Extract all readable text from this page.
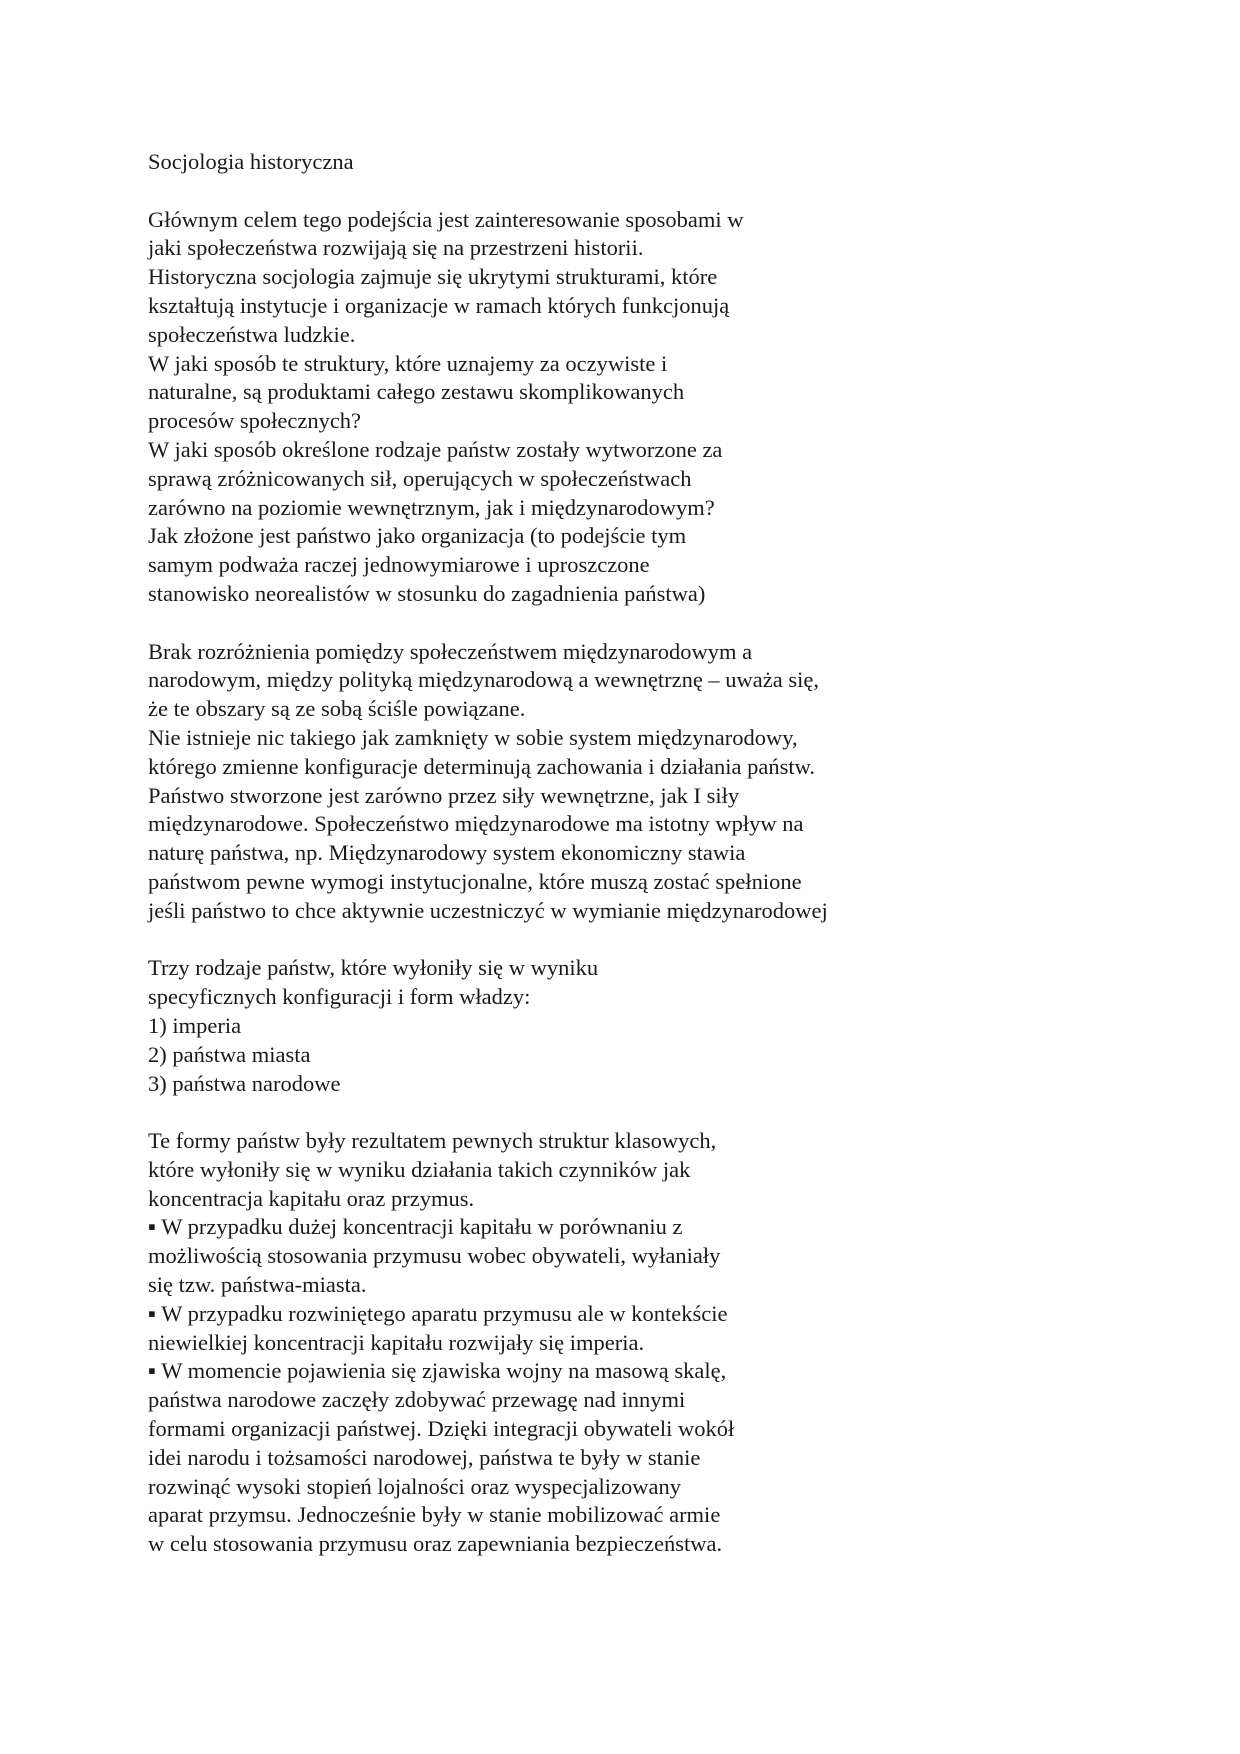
Socjologia historyczna
Głównym celem tego podejścia jest zainteresowanie sposobami w
jaki społeczeństwa rozwijają się na przestrzeni historii.
Historyczna socjologia zajmuje się ukrytymi strukturami, które
kształtują instytucje i organizacje w ramach których funkcjonują
społeczeństwa ludzkie.
W jaki sposób te struktury, które uznajemy za oczywiste i
naturalne, są produktami całego zestawu skomplikowanych
procesów społecznych?
W jaki sposób określone rodzaje państw zostały wytworzone za
sprawą zróżnicowanych sił, operujących w społeczeństwach
zarówno na poziomie wewnętrznym, jak i międzynarodowym?
Jak złożone jest państwo jako organizacja (to podejście tym
samym podważa raczej jednowymiarowe i uproszczone
stanowisko neorealistów w stosunku do zagadnienia państwa)
Brak rozróżnienia pomiędzy społeczeństwem międzynarodowym a
narodowym, między polityką międzynarodową a wewnętrznę – uważa się,
że te obszary są ze sobą ściśle powiązane.
Nie istnieje nic takiego jak zamknięty w sobie system międzynarodowy,
którego zmienne konfiguracje determinują zachowania i działania państw.
Państwo stworzone jest zarówno przez siły wewnętrzne, jak I siły
międzynarodowe. Społeczeństwo międzynarodowe ma istotny wpływ na
naturę państwa, np. Międzynarodowy system ekonomiczny stawia
państwom pewne wymogi instytucjonalne, które muszą zostać spełnione
jeśli państwo to chce aktywnie uczestniczyć w wymianie międzynarodowej
Trzy rodzaje państw, które wyłoniły się w wyniku
specyficznych konfiguracji i form władzy:
1) imperia
2) państwa miasta
3) państwa narodowe
Te formy państw były rezultatem pewnych struktur klasowych,
które wyłoniły się w wyniku działania takich czynników jak
koncentracja kapitału oraz przymus.
▪ W przypadku dużej koncentracji kapitału w porównaniu z
możliwością stosowania przymusu wobec obywateli, wyłaniały
się tzw. państwa-miasta.
▪ W przypadku rozwiniętego aparatu przymusu ale w kontekście
niewielkiej koncentracji kapitału rozwijały się imperia.
▪ W momencie pojawienia się zjawiska wojny na masową skalę,
państwa narodowe zaczęły zdobywać przewagę nad innymi
formami organizacji państwej. Dzięki integracji obywateli wokół
idei narodu i tożsamości narodowej, państwa te były w stanie
rozwinąć wysoki stopień lojalności oraz wyspecjalizowany
aparat przymsu. Jednocześnie były w stanie mobilizować armie
w celu stosowania przymusu oraz zapewniania bezpieczeństwa.
